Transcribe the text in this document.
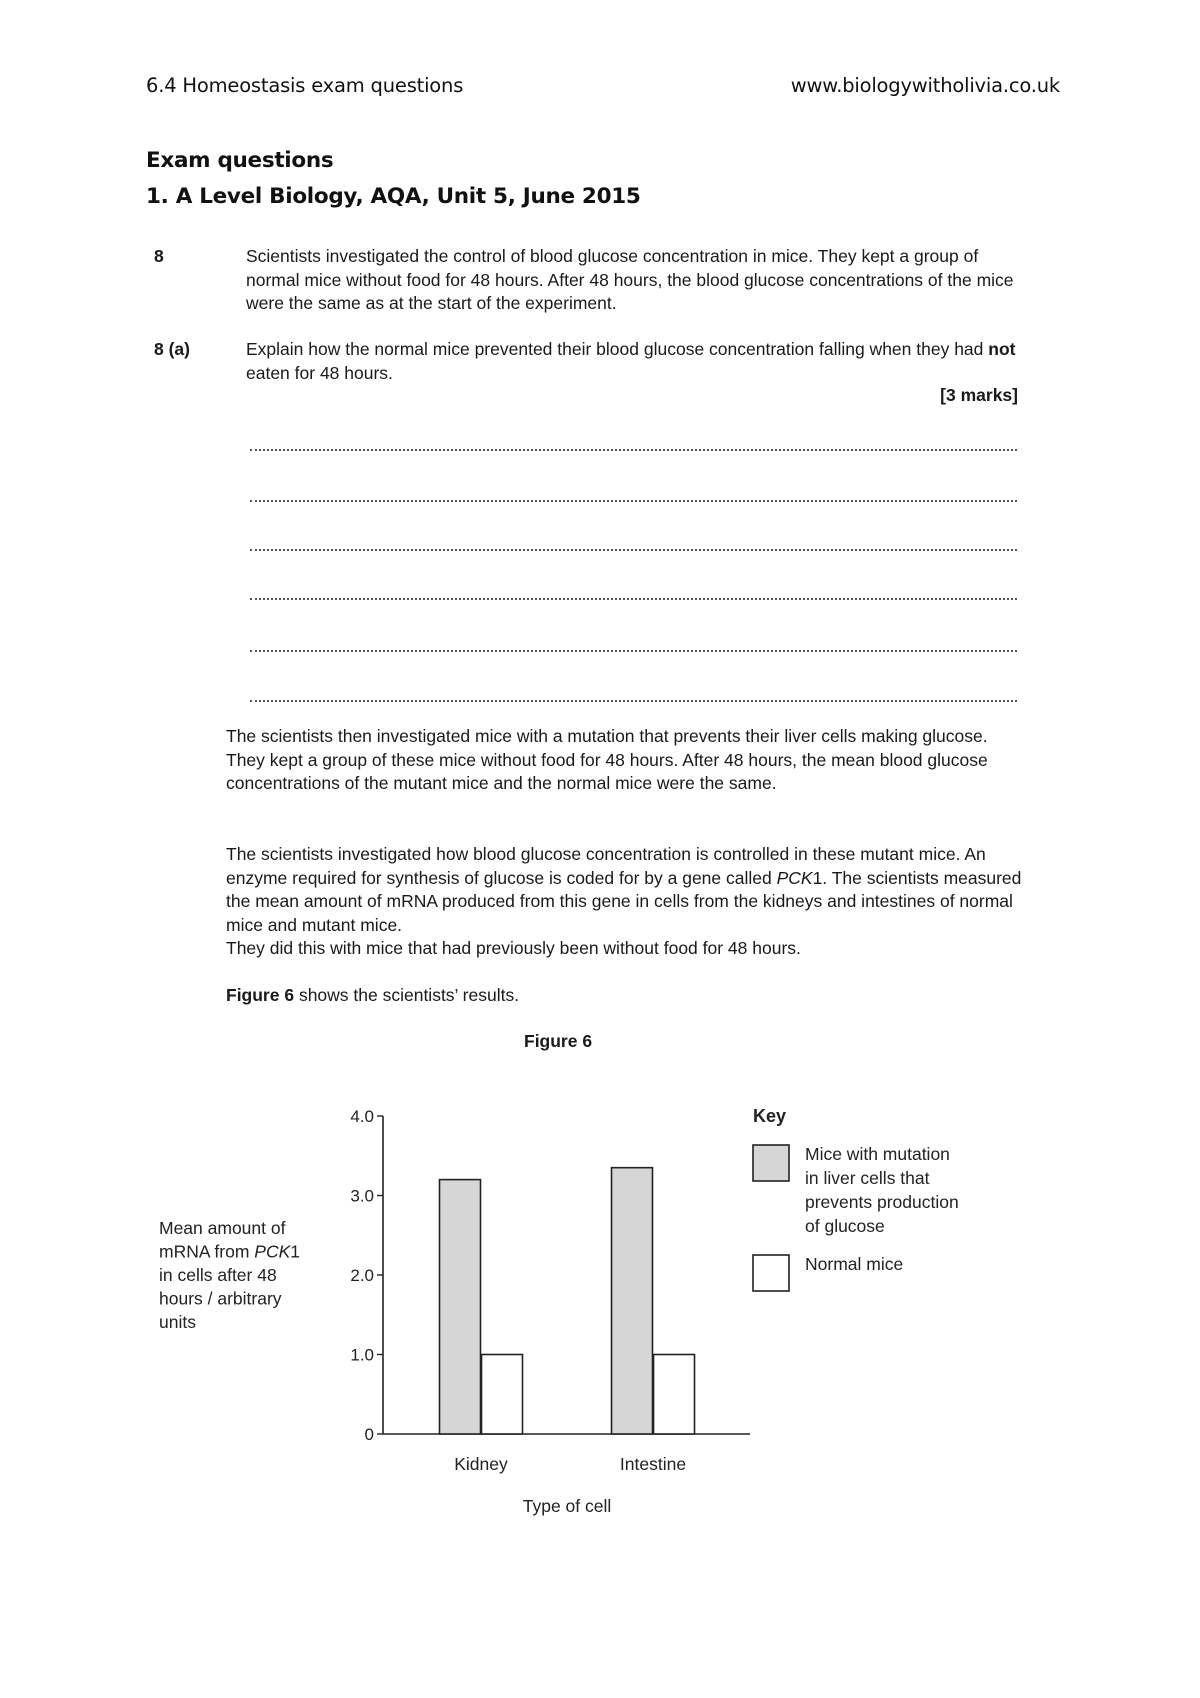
6.4 Homeostasis exam questions	www.biologywitholivia.co.uk
Exam questions
1. A Level Biology, AQA, Unit 5, June 2015
8	Scientists investigated the control of blood glucose concentration in mice. They kept a group of normal mice without food for 48 hours. After 48 hours, the blood glucose concentrations of the mice were the same as at the start of the experiment.
8 (a)	Explain how the normal mice prevented their blood glucose concentration falling when they had not eaten for 48 hours.
[3 marks]
The scientists then investigated mice with a mutation that prevents their liver cells making glucose. They kept a group of these mice without food for 48 hours. After 48 hours, the mean blood glucose concentrations of the mutant mice and the normal mice were the same.
The scientists investigated how blood glucose concentration is controlled in these mutant mice. An enzyme required for synthesis of glucose is coded for by a gene called PCK1. The scientists measured the mean amount of mRNA produced from this gene in cells from the kidneys and intestines of normal mice and mutant mice.
They did this with mice that had previously been without food for 48 hours.
Figure 6 shows the scientists’ results.
Figure 6
Mean amount of
mRNA from PCK1
in cells after 48
hours / arbitrary
units
0
1.0
2.0
3.0
4.0
Kidney	Intestine
Type of cell
Key
Mice with mutation
in liver cells that
prevents production
of glucose
Normal mice
